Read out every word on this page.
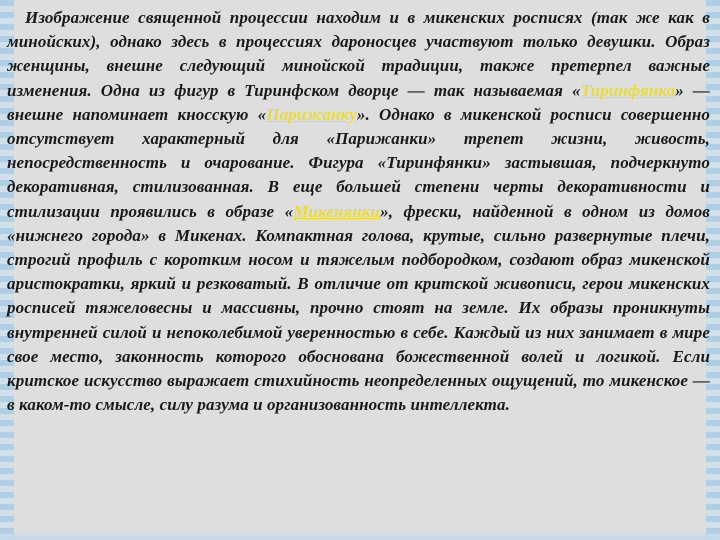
Изображение священной процессии находим и в микенских росписях (так же как в минойских), однако здесь в процессиях дароносцев участвуют только девушки. Образ женщины, внешне следующий минойской традиции, также претерпел важные изменения. Одна из фигур в Тиринфском дворце — так называемая «Тиринфянка» — внешне напоминает кносскую «Парижанку». Однако в микенской росписи совершенно отсутствует характерный для «Парижанки» трепет жизни, живость, непосредственность и очарование. Фигура «Тиринфянки» застывшая, подчеркнуто декоративная, стилизованная. В еще большей степени черты декоративности и стилизации проявились в образе «Микенянки», фрески, найденной в одном из домов «нижнего города» в Микенах. Компактная голова, крутые, сильно развернутые плечи, строгий профиль с коротким носом и тяжелым подбородком, создают образ микенской аристократки, яркий и резковатый. В отличие от критской живописи, герои микенских росписей тяжеловесны и массивны, прочно стоят на земле. Их образы проникнуты внутренней силой и непоколебимой уверенностью в себе. Каждый из них занимает в мире свое место, законность которого обоснована божественной волей и логикой. Если критское искусство выражает стихийность неопределенных ощущений, то микенское — в каком-то смысле, силу разума и организованность интеллекта.
